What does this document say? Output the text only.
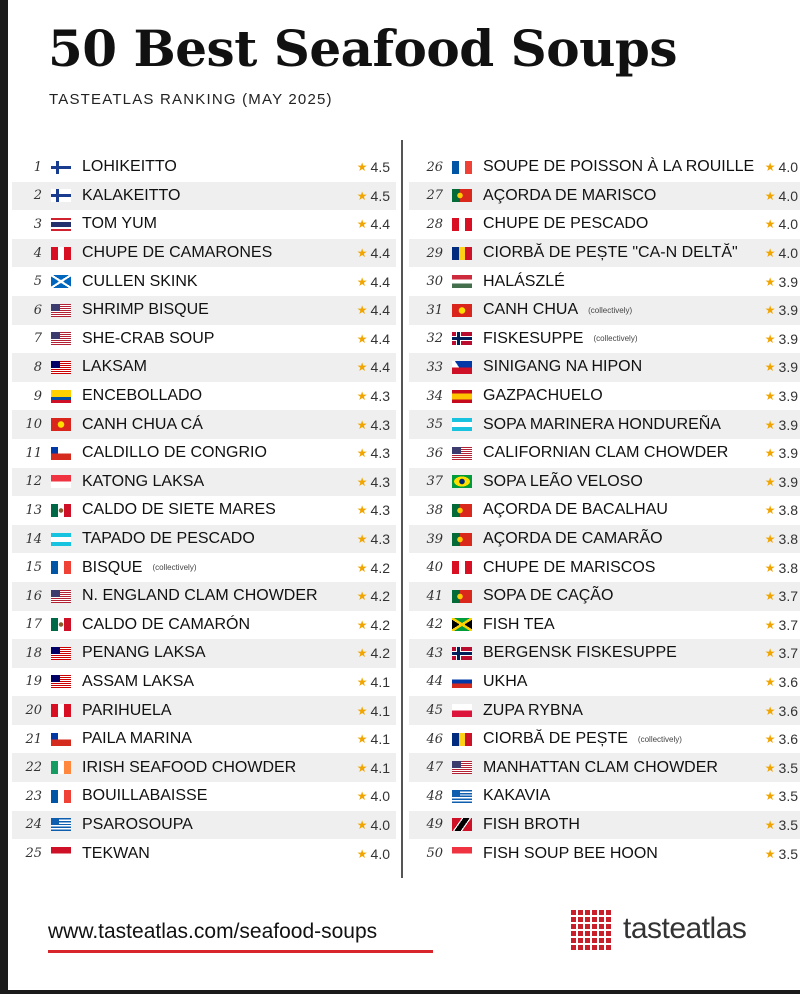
50 Best Seafood Soups
TASTEATLAS RANKING (MAY 2025)
1	LOHIKEITTO	★ 4.5
2	KALAKEITTO	★ 4.5
3	TOM YUM	★ 4.4
4	CHUPE DE CAMARONES	★ 4.4
5	CULLEN SKINK	★ 4.4
6	SHRIMP BISQUE	★ 4.4
7	SHE-CRAB SOUP	★ 4.4
8	LAKSAM	★ 4.4
9	ENCEBOLLADO	★ 4.3
10	CANH CHUA CÁ	★ 4.3
11	CALDILLO DE CONGRIO	★ 4.3
12	KATONG LAKSA	★ 4.3
13	CALDO DE SIETE MARES	★ 4.3
14	TAPADO DE PESCADO	★ 4.3
15	BISQUE (collectively)	★ 4.2
16	N. ENGLAND CLAM CHOWDER	★ 4.2
17	CALDO DE CAMARÓN	★ 4.2
18	PENANG LAKSA	★ 4.2
19	ASSAM LAKSA	★ 4.1
20	PARIHUELA	★ 4.1
21	PAILA MARINA	★ 4.1
22	IRISH SEAFOOD CHOWDER	★ 4.1
23	BOUILLABAISSE	★ 4.0
24	PSAROSOUPA	★ 4.0
25	TEKWAN	★ 4.0
26	SOUPE DE POISSON À LA ROUILLE ★ 4.0
27	AÇORDA DE MARISCO	★ 4.0
28	CHUPE DE PESCADO	★ 4.0
29	CIORBĂ DE PEȘTE "CA-N DELTĂ" ★ 4.0
30	HALÁSZLÉ	★ 3.9
31	CANH CHUA (collectively)	★ 3.9
32	FISKESUPPE (collectively)	★ 3.9
33	SINIGANG NA HIPON	★ 3.9
34	GAZPACHUELO	★ 3.9
35	SOPA MARINERA HONDUREÑA	★ 3.9
36	CALIFORNIAN CLAM CHOWDER	★ 3.9
37	SOPA LEÃO VELOSO	★ 3.9
38	AÇORDA DE BACALHAU	★ 3.8
39	AÇORDA DE CAMARÃO	★ 3.8
40	CHUPE DE MARISCOS	★ 3.8
41	SOPA DE CAÇÃO	★ 3.7
42	FISH TEA	★ 3.7
43	BERGENSK FISKESUPPE	★ 3.7
44	UKHA	★ 3.6
45	ZUPA RYBNA	★ 3.6
46	CIORBĂ DE PEȘTE (collectively)	★ 3.6
47	MANHATTAN CLAM CHOWDER	★ 3.5
48	KAKAVIA	★ 3.5
49	FISH BROTH	★ 3.5
50	FISH SOUP BEE HOON	★ 3.5
www.tasteatlas.com/seafood-soups	tasteatlas
